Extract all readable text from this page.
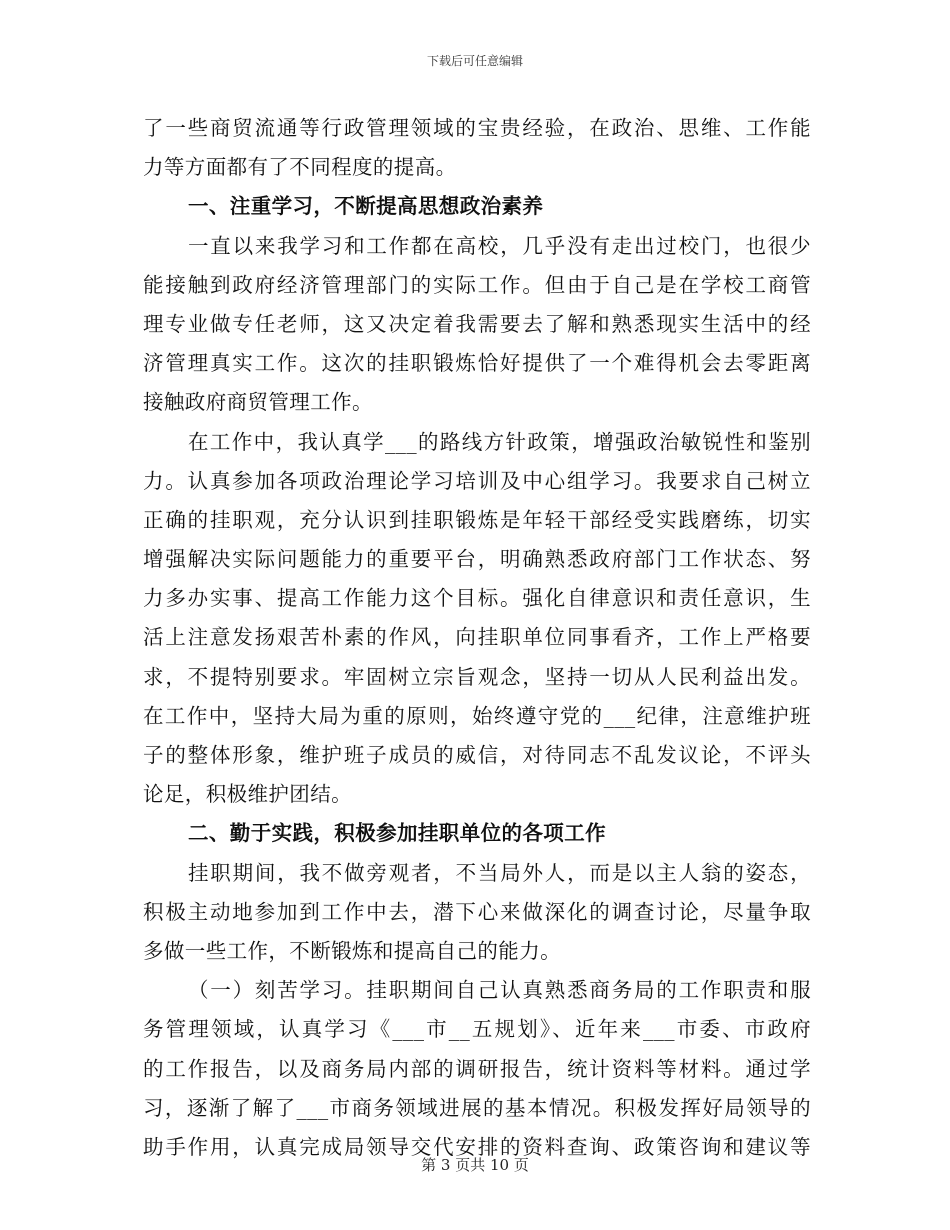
下载后可任意编辑
了一些商贸流通等行政管理领域的宝贵经验，在政治、思维、工作能
力等方面都有了不同程度的提高。
一、注重学习，不断提高思想政治素养
一直以来我学习和工作都在高校，几乎没有走出过校门，也很少
能接触到政府经济管理部门的实际工作。但由于自己是在学校工商管
理专业做专任老师，这又决定着我需要去了解和熟悉现实生活中的经
济管理真实工作。这次的挂职锻炼恰好提供了一个难得机会去零距离
接触政府商贸管理工作。
在工作中，我认真学___的路线方针政策，增强政治敏锐性和鉴别
力。认真参加各项政治理论学习培训及中心组学习。我要求自己树立
正确的挂职观，充分认识到挂职锻炼是年轻干部经受实践磨练，切实
增强解决实际问题能力的重要平台，明确熟悉政府部门工作状态、努
力多办实事、提高工作能力这个目标。强化自律意识和责任意识，生
活上注意发扬艰苦朴素的作风，向挂职单位同事看齐，工作上严格要
求，不提特别要求。牢固树立宗旨观念，坚持一切从人民利益出发。
在工作中，坚持大局为重的原则，始终遵守党的___纪律，注意维护班
子的整体形象，维护班子成员的威信，对待同志不乱发议论，不评头
论足，积极维护团结。
二、勤于实践，积极参加挂职单位的各项工作
挂职期间，我不做旁观者，不当局外人，而是以主人翁的姿态，
积极主动地参加到工作中去，潜下心来做深化的调查讨论，尽量争取
多做一些工作，不断锻炼和提高自己的能力。
（一）刻苦学习。挂职期间自己认真熟悉商务局的工作职责和服
务管理领域，认真学习《___市__五规划》、近年来___市委、市政府
的工作报告，以及商务局内部的调研报告，统计资料等材料。通过学
习，逐渐了解了___市商务领域进展的基本情况。积极发挥好局领导的
助手作用，认真完成局领导交代安排的资料查询、政策咨询和建议等
第 3 页共 10 页
